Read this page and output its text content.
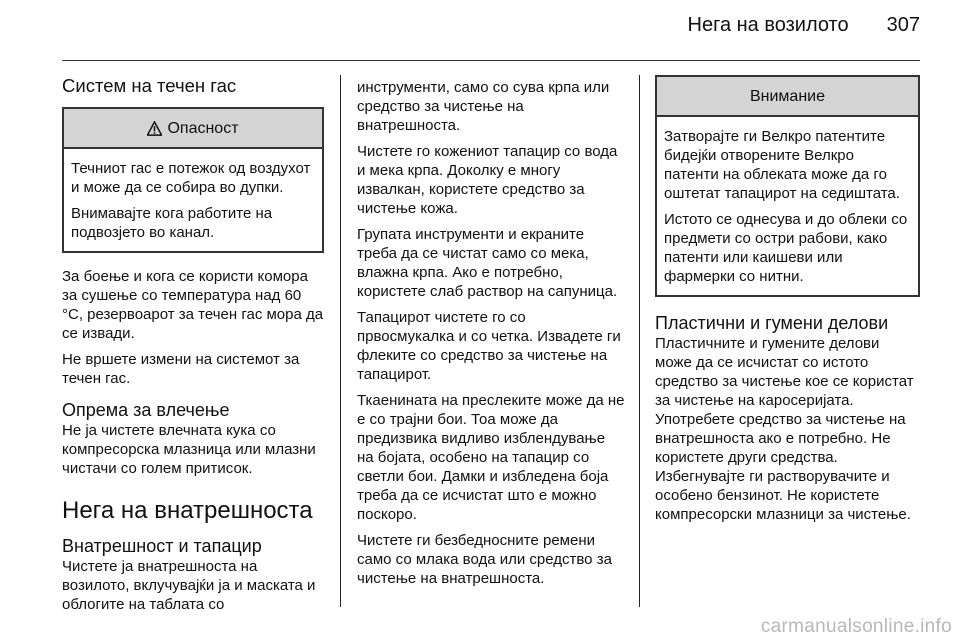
Нега на возилото 307
Систем на течен гас
Опасност

Течниот гас е потежок од воздухот и може да се собира во дупки.

Внимавајте кога работите на подвозјето во канал.

За боење и кога се користи комора за сушење со температура над 60 °C, резервоарот за течен гас мора да се извади.

Не вршете измени на системот за течен гас.

Опрема за влечење

Не ја чистете влечната кука со компресорска млазница или млазни чистачи со голем притисок.

Нега на внатрешноста
Внатрешност и тапацир

Чистете ја внатрешноста на возилото, вклучувајќи ја и маската и облогите на таблата со

инструменти, само со сува крпа или средство за чистење на внатрешноста.

Чистете го кожениот тапацир со вода и мека крпа. Доколку е многу извалкан, користете средство за чистење кожа.

Групата инструменти и екраните треба да се чистат само со мека, влажна крпа. Ако е потребно, користете слаб раствор на сапуница.

Тапацирот чистете го со првосмукалка и со четка. Извадете ги флеките со средство за чистење на тапацирот.

Ткаенината на преслеките може да не е со трајни бои. Тоа може да предизвика видливо изблендување на бојата, особено на тапацир со светли бои. Дамки и избледена боја треба да се исчистат што е можно поскоро.

Чистете ги безбедносните ремени само со млака вода или средство за чистење на внатрешноста.

Внимание

Затворајте ги Велкро патентите бидејќи отворените Велкро патенти на облеката може да го оштетат тапацирот на седиштата.

Истото се однесува и до облеки со предмети со остри рабови, како патенти или каишеви или фармерки со нитни.

Пластични и гумени делови

Пластичните и гумените делови може да се исчистат со истото средство за чистење кое се користат за чистење на каросеријата. Употребете средство за чистење на внатрешноста ако е потребно. Не користете други средства. Избегнувајте ги растворувачите и особено бензинот. Не користете компресорски млазници за чистење.

carmanualsonline.info
